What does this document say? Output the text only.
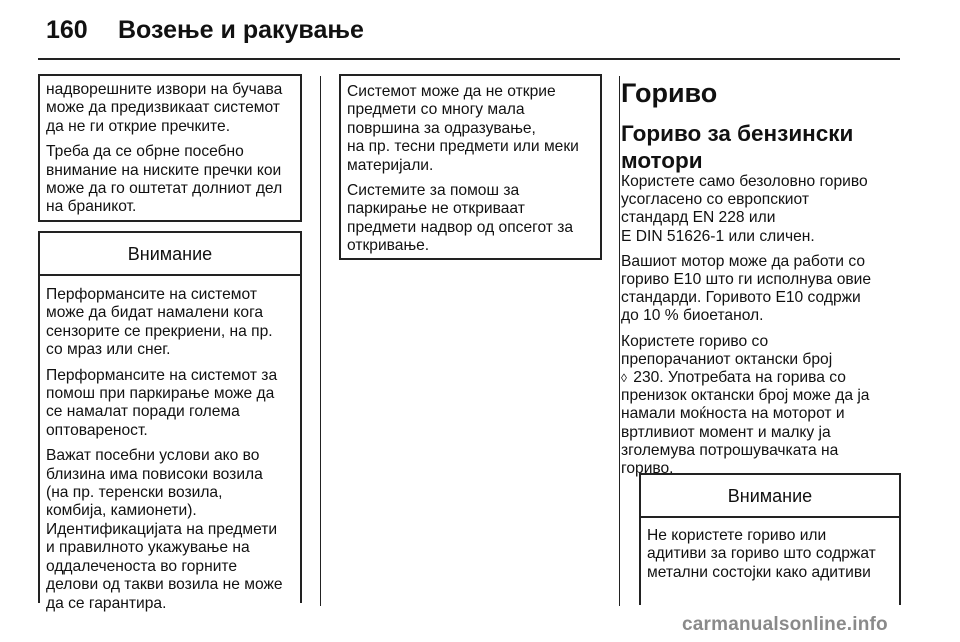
160 Возење и ракување

надворешните извори на бучава
може да предизвикаат системот
да не ги открие пречките.

Треба да се обрне посебно
внимание на ниските пречки кои
може да го оштетат долниот дел
на браникот.

Внимание

Перформансите на системот
може да бидат намалени кога
сензорите се прекриени, на пр.
со мраз или снег.

Перформансите на системот за
помош при паркирање може да
се намалат поради голема
оптовареност.

Важат посебни услови ако во
близина има повисоки возила
(на пр. теренски возила,
комбија, камионети).
Идентификацијата на предмети
и правилното укажување на
оддалеченоста во горните
делови од такви возила не може
да се гарантира.

Системот може да не открие
предмети со многу мала
површина за одразување,
на пр. тесни предмети или меки
материјали.

Системите за помош за
паркирање не откриваат
предмети надвор од опсегот за
откривање.

Гориво
Гориво за бензински
мотори

Користете само безоловно гориво
усогласено со европскиот
стандард EN 228 или
E DIN 51626-1 или сличен.

Вашиот мотор може да работи со
гориво E10 што ги исполнува овие
стандарди. Горивото E10 содржи
до 10 % биоетанол.

Користете гориво со
препорачаниот октански број
◊ 230. Употребата на горива со
пренизок октански број може да ја
намали моќноста на моторот и
вртливиот момент и малку ја
зголемува потрошувачката на
гориво.

Внимание

Не користете гориво или
адитиви за гориво што содржат
метални состојки како адитиви

carmanualsonline.info
